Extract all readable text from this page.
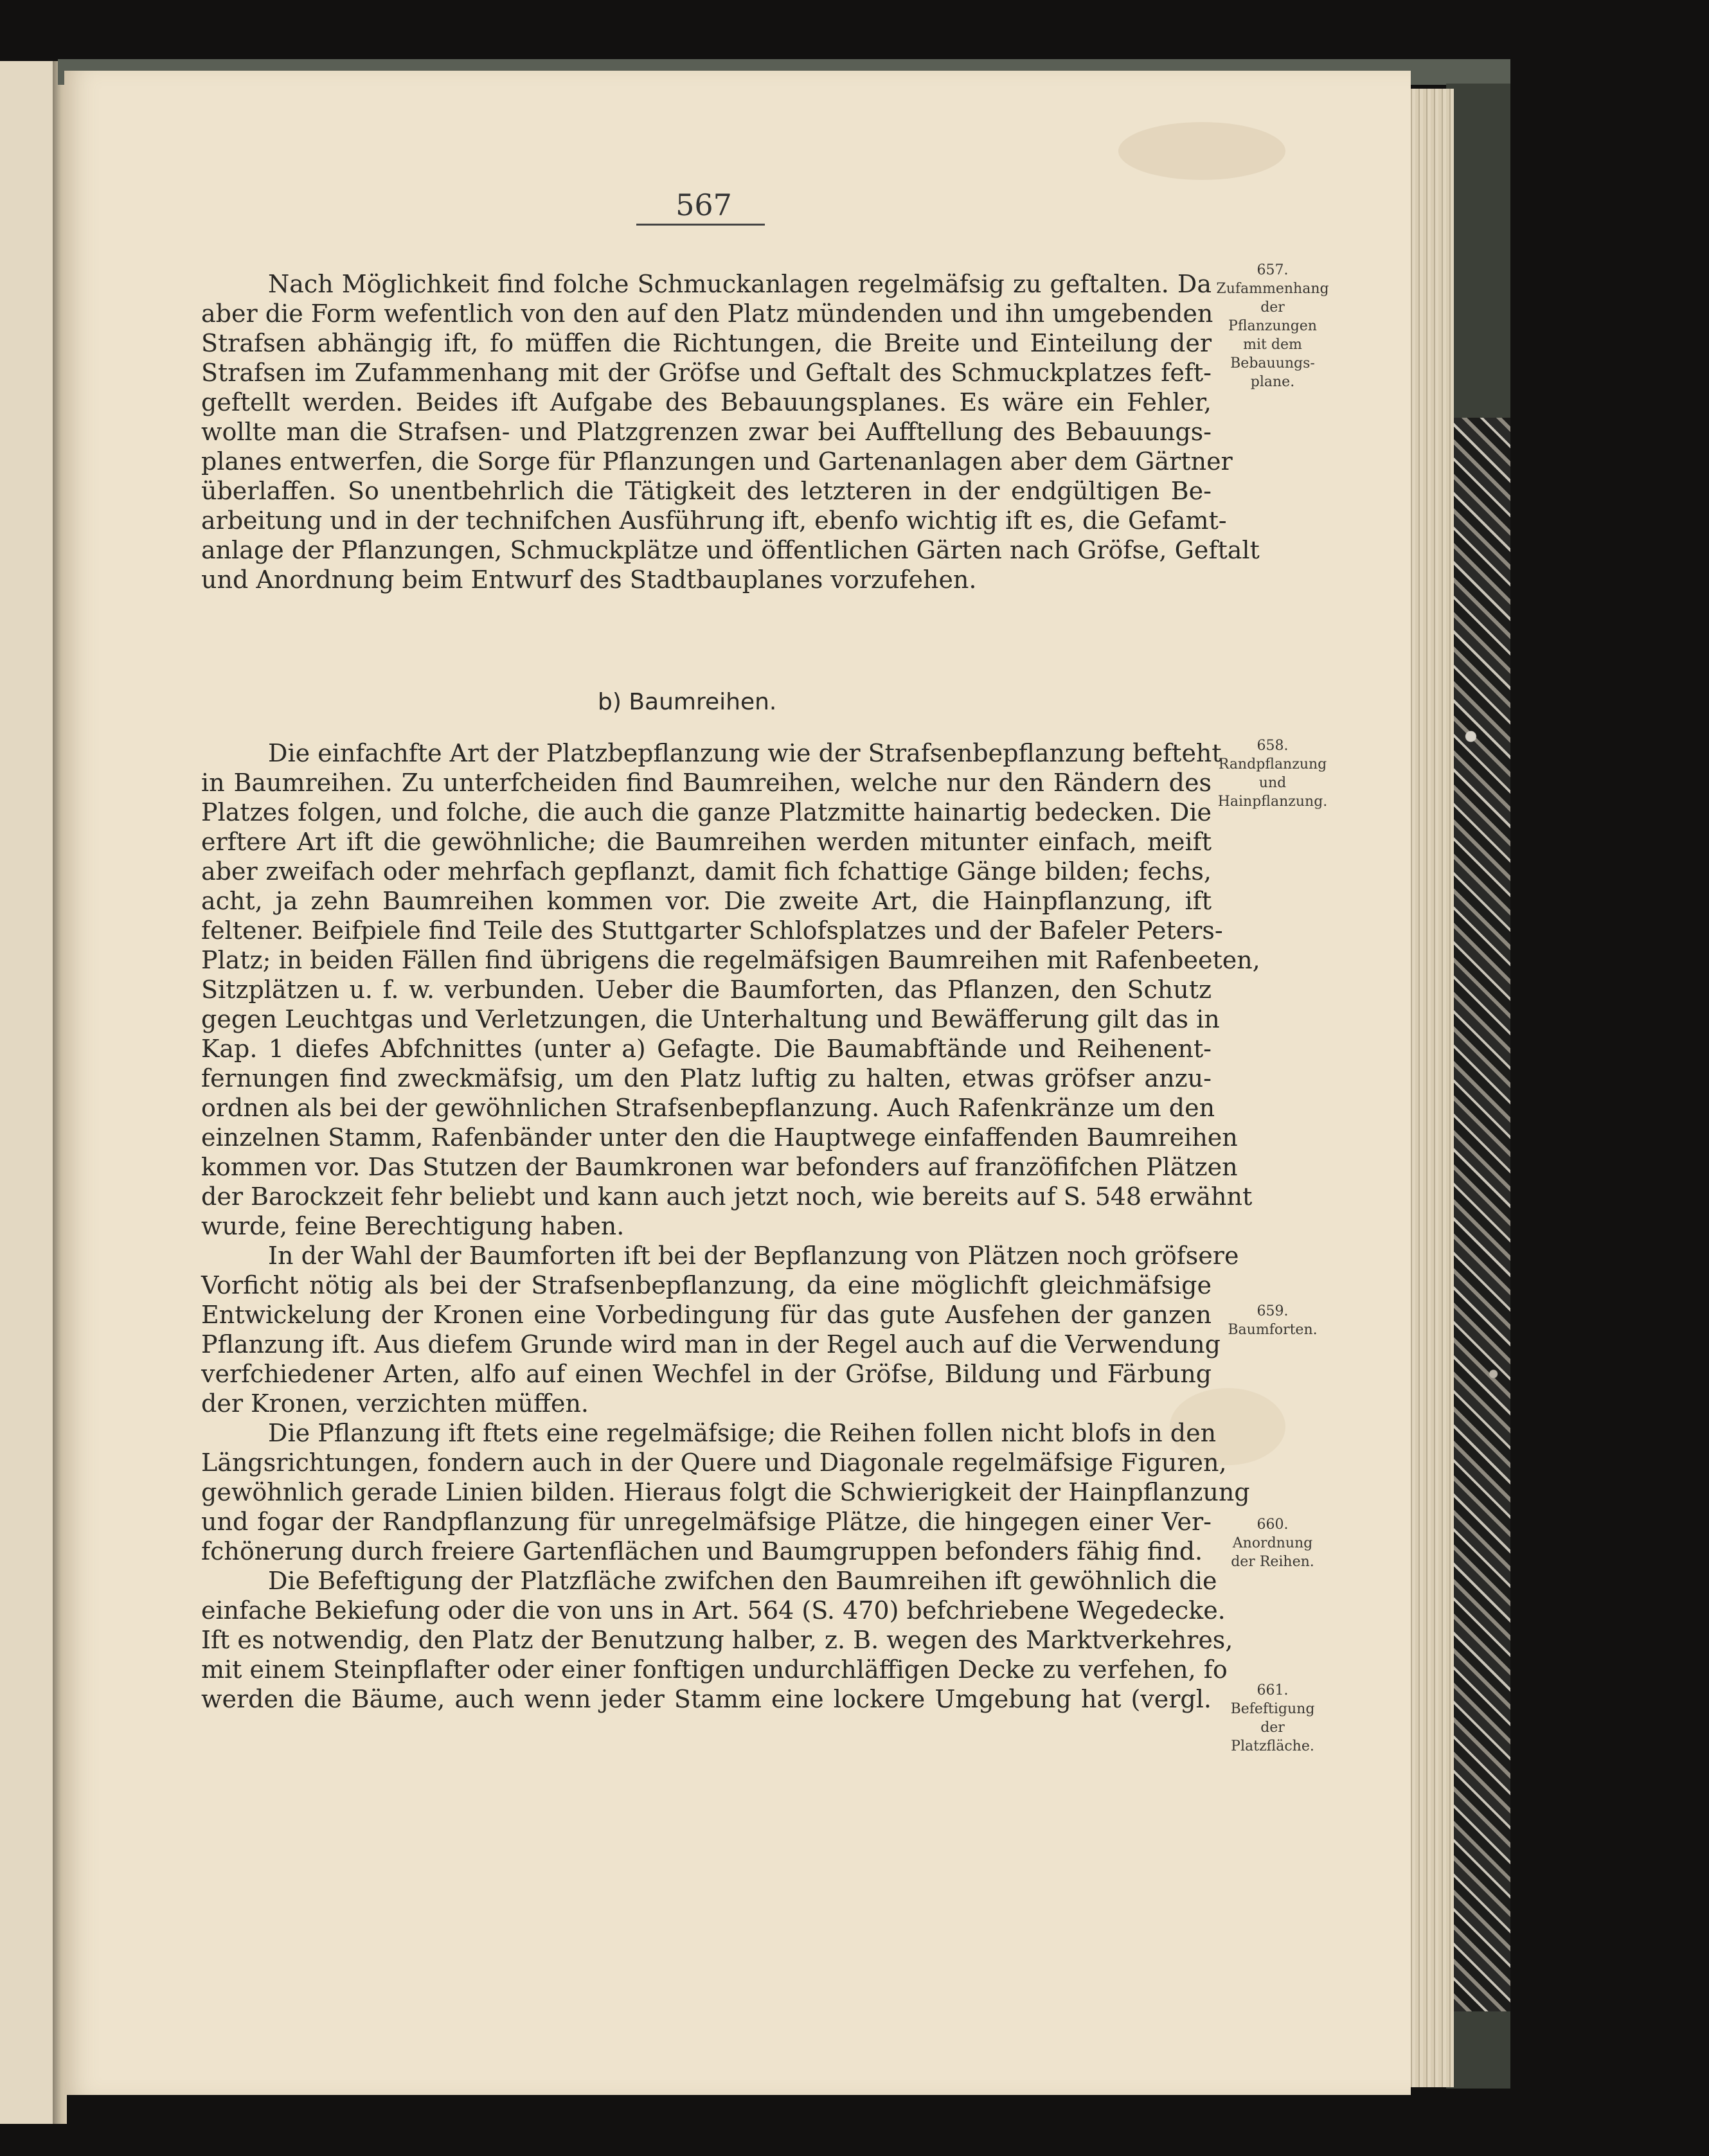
567
Nach Möglichkeit find folche Schmuckanlagen regelmäfsig zu geftalten. Da
aber die Form wefentlich von den auf den Platz mündenden und ihn umgebenden
Strafsen abhängig ift, fo müffen die Richtungen, die Breite und Einteilung der
Strafsen im Zufammenhang mit der Gröfse und Geftalt des Schmuckplatzes feft-
geftellt werden. Beides ift Aufgabe des Bebauungsplanes. Es wäre ein Fehler,
wollte man die Strafsen- und Platzgrenzen zwar bei Aufftellung des Bebauungs-
planes entwerfen, die Sorge für Pflanzungen und Gartenanlagen aber dem Gärtner
überlaffen. So unentbehrlich die Tätigkeit des letzteren in der endgültigen Be-
arbeitung und in der technifchen Ausführung ift, ebenfo wichtig ift es, die Gefamt-
anlage der Pflanzungen, Schmuckplätze und öffentlichen Gärten nach Gröfse, Geftalt
und Anordnung beim Entwurf des Stadtbauplanes vorzufehen.
b) Baumreihen.
Die einfachfte Art der Platzbepflanzung wie der Strafsenbepflanzung befteht
in Baumreihen. Zu unterfcheiden find Baumreihen, welche nur den Rändern des
Platzes folgen, und folche, die auch die ganze Platzmitte hainartig bedecken. Die
erftere Art ift die gewöhnliche; die Baumreihen werden mitunter einfach, meift
aber zweifach oder mehrfach gepflanzt, damit fich fchattige Gänge bilden; fechs,
acht, ja zehn Baumreihen kommen vor. Die zweite Art, die Hainpflanzung, ift
feltener. Beifpiele find Teile des Stuttgarter Schlofsplatzes und der Bafeler Peters-
Platz; in beiden Fällen find übrigens die regelmäfsigen Baumreihen mit Rafenbeeten,
Sitzplätzen u. f. w. verbunden. Ueber die Baumforten, das Pflanzen, den Schutz
gegen Leuchtgas und Verletzungen, die Unterhaltung und Bewäfferung gilt das in
Kap. 1 diefes Abfchnittes (unter a) Gefagte. Die Baumabftände und Reihenent-
fernungen find zweckmäfsig, um den Platz luftig zu halten, etwas gröfser anzu-
ordnen als bei der gewöhnlichen Strafsenbepflanzung. Auch Rafenkränze um den
einzelnen Stamm, Rafenbänder unter den die Hauptwege einfaffenden Baumreihen
kommen vor. Das Stutzen der Baumkronen war befonders auf franzöfifchen Plätzen
der Barockzeit fehr beliebt und kann auch jetzt noch, wie bereits auf S. 548 erwähnt
wurde, feine Berechtigung haben.
In der Wahl der Baumforten ift bei der Bepflanzung von Plätzen noch gröfsere
Vorficht nötig als bei der Strafsenbepflanzung, da eine möglichft gleichmäfsige
Entwickelung der Kronen eine Vorbedingung für das gute Ausfehen der ganzen
Pflanzung ift. Aus diefem Grunde wird man in der Regel auch auf die Verwendung
verfchiedener Arten, alfo auf einen Wechfel in der Gröfse, Bildung und Färbung
der Kronen, verzichten müffen.
Die Pflanzung ift ftets eine regelmäfsige; die Reihen follen nicht blofs in den
Längsrichtungen, fondern auch in der Quere und Diagonale regelmäfsige Figuren,
gewöhnlich gerade Linien bilden. Hieraus folgt die Schwierigkeit der Hainpflanzung
und fogar der Randpflanzung für unregelmäfsige Plätze, die hingegen einer Ver-
fchönerung durch freiere Gartenflächen und Baumgruppen befonders fähig find.
Die Befeftigung der Platzfläche zwifchen den Baumreihen ift gewöhnlich die
einfache Bekiefung oder die von uns in Art. 564 (S. 470) befchriebene Wegedecke.
Ift es notwendig, den Platz der Benutzung halber, z. B. wegen des Marktverkehres,
mit einem Steinpflafter oder einer fonftigen undurchläffigen Decke zu verfehen, fo
werden die Bäume, auch wenn jeder Stamm eine lockere Umgebung hat (vergl.
657.
Zufammenhang
der
Pflanzungen
mit dem
Bebauungs-
plane.
658.
Randpflanzung
und
Hainpflanzung.
659.
Baumforten.
660.
Anordnung
der Reihen.
661.
Befeftigung
der
Platzfläche.
